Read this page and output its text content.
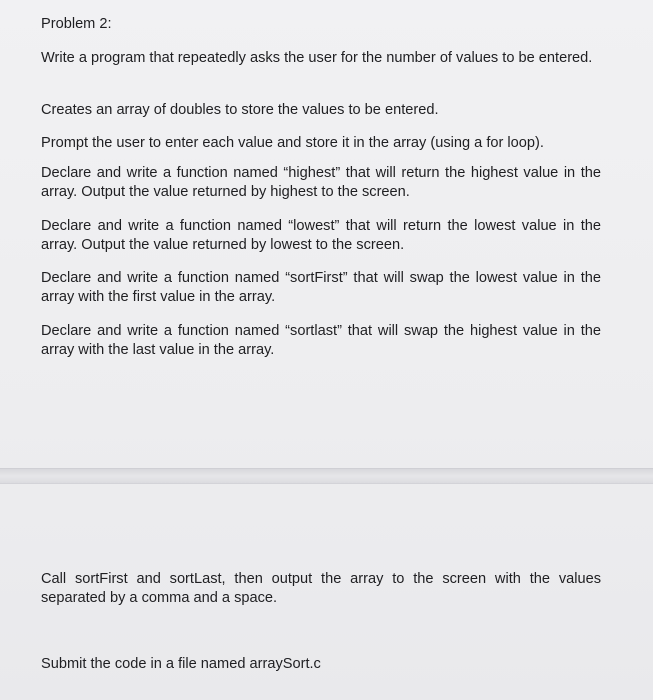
Problem 2:

Write a program that repeatedly asks the user for the number of values to be entered.

Creates an array of doubles to store the values to be entered.

Prompt the user to enter each value and store it in the array (using a for loop).

Declare and write a function named “highest” that will return the highest value in the array. Output the value returned by highest to the screen.

Declare and write a function named “lowest” that will return the lowest value in the array. Output the value returned by lowest to the screen.

Declare and write a function named “sortFirst” that will swap the lowest value in the array with the first value in the array.

Declare and write a function named “sortlast” that will swap the highest value in the array with the last value in the array.

Call sortFirst and sortLast, then output the array to the screen with the values separated by a comma and a space.

Submit the code in a file named arraySort.c
